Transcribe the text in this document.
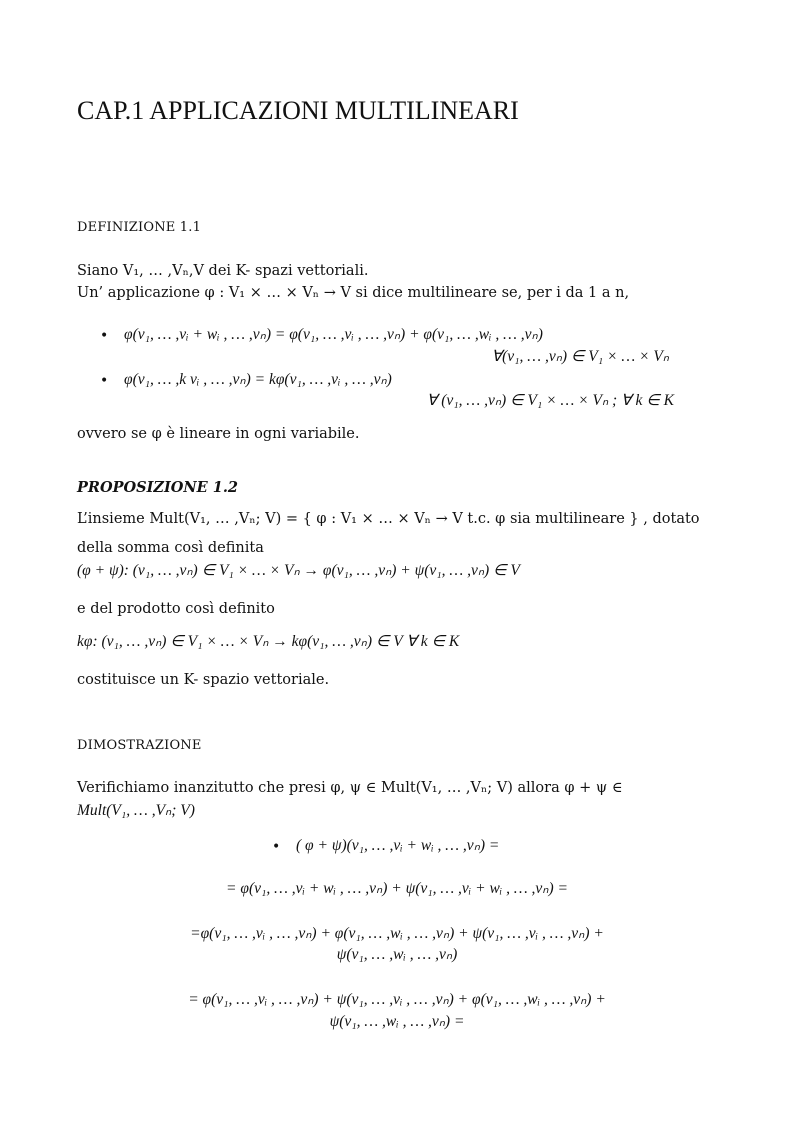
CAP.1 APPLICAZIONI MULTILINEARI
DEFINIZIONE 1.1
Siano V₁, … ,Vₙ,V dei K- spazi vettoriali.
Un’ applicazione φ : V₁ × … × Vₙ → V si dice multilineare se, per i da 1 a n,
• φ(v₁, … ,vᵢ + wᵢ , … ,vₙ) = φ(v₁, … ,vᵢ , … ,vₙ) + φ(v₁, … ,wᵢ , … ,vₙ)
∀(v₁, … ,vₙ) ∈ V₁ × … × Vₙ
• φ(v₁, … ,k vᵢ , … ,vₙ) = kφ(v₁, … ,vᵢ , … ,vₙ)
∀ (v₁, … ,vₙ) ∈ V₁ × … × Vₙ ; ∀ k ∈ K
ovvero se φ è lineare in ogni variabile.
PROPOSIZIONE 1.2
L’insieme Mult(V₁, … ,Vₙ; V) = { φ : V₁ × … × Vₙ → V t.c. φ sia multilineare } , dotato
della somma così definita
(φ + ψ): (v₁, … ,vₙ) ∈ V₁ × … × Vₙ → φ(v₁, … ,vₙ) + ψ(v₁, … ,vₙ) ∈ V
e del prodotto così definito
kφ: (v₁, … ,vₙ) ∈ V₁ × … × Vₙ → kφ(v₁, … ,vₙ) ∈ V ∀ k ∈ K
costituisce un K- spazio vettoriale.
DIMOSTRAZIONE
Verifichiamo inanzitutto che presi φ, ψ ∈ Mult(V₁, … ,Vₙ; V) allora φ + ψ ∈
Mult(V₁, … ,Vₙ; V)
• ( φ + ψ)(v₁, … ,vᵢ + wᵢ , … ,vₙ) =
= φ(v₁, … ,vᵢ + wᵢ , … ,vₙ) + ψ(v₁, … ,vᵢ + wᵢ , … ,vₙ) =
=φ(v₁, … ,vᵢ , … ,vₙ) + φ(v₁, … ,wᵢ , … ,vₙ) + ψ(v₁, … ,vᵢ , … ,vₙ) +
ψ(v₁, … ,wᵢ , … ,vₙ)
= φ(v₁, … ,vᵢ , … ,vₙ) + ψ(v₁, … ,vᵢ , … ,vₙ) + φ(v₁, … ,wᵢ , … ,vₙ) +
ψ(v₁, … ,wᵢ , … ,vₙ) =
